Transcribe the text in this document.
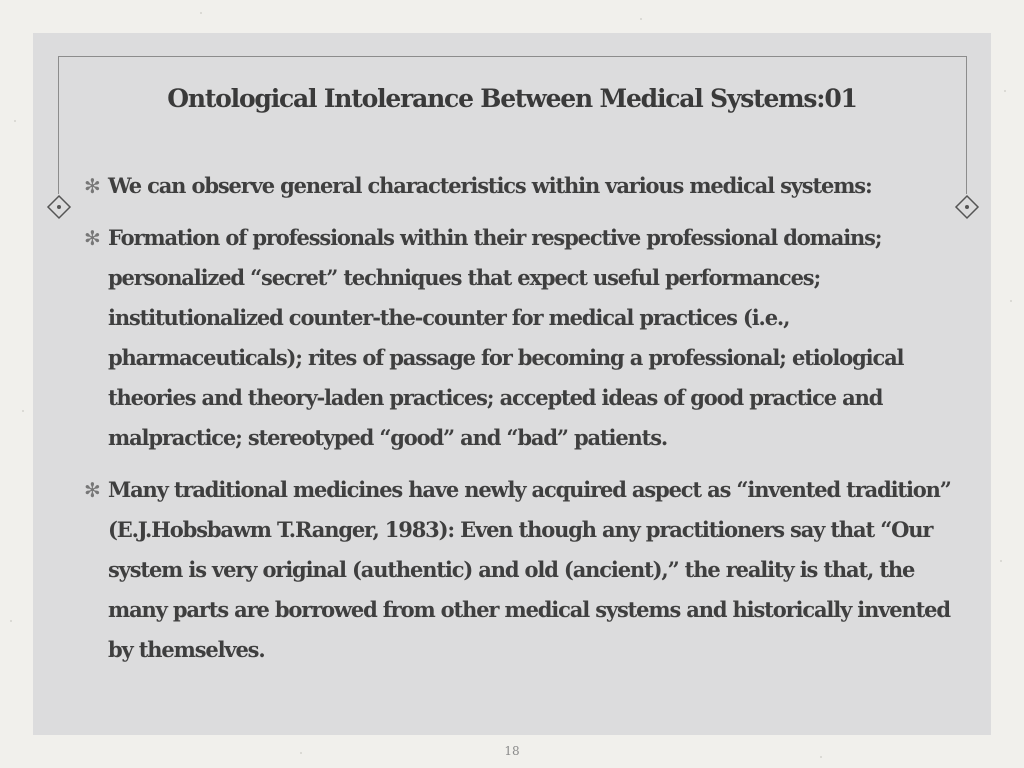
Ontological Intolerance Between Medical Systems:01
✻ We can observe general characteristics within various medical systems:
✻ Formation of professionals within their respective professional domains; personalized “secret” techniques that expect useful performances; institutionalized counter-the-counter for medical practices (i.e., pharmaceuticals); rites of passage for becoming a professional; etiological theories and theory-laden practices; accepted ideas of good practice and malpractice; stereotyped “good” and “bad” patients.
✻ Many traditional medicines have newly acquired aspect as “invented tradition” (E.J.Hobsbawm T.Ranger, 1983): Even though any practitioners say that “Our system is very original (authentic) and old (ancient),” the reality is that, the many parts are borrowed from other medical systems and historically invented by themselves.
18
